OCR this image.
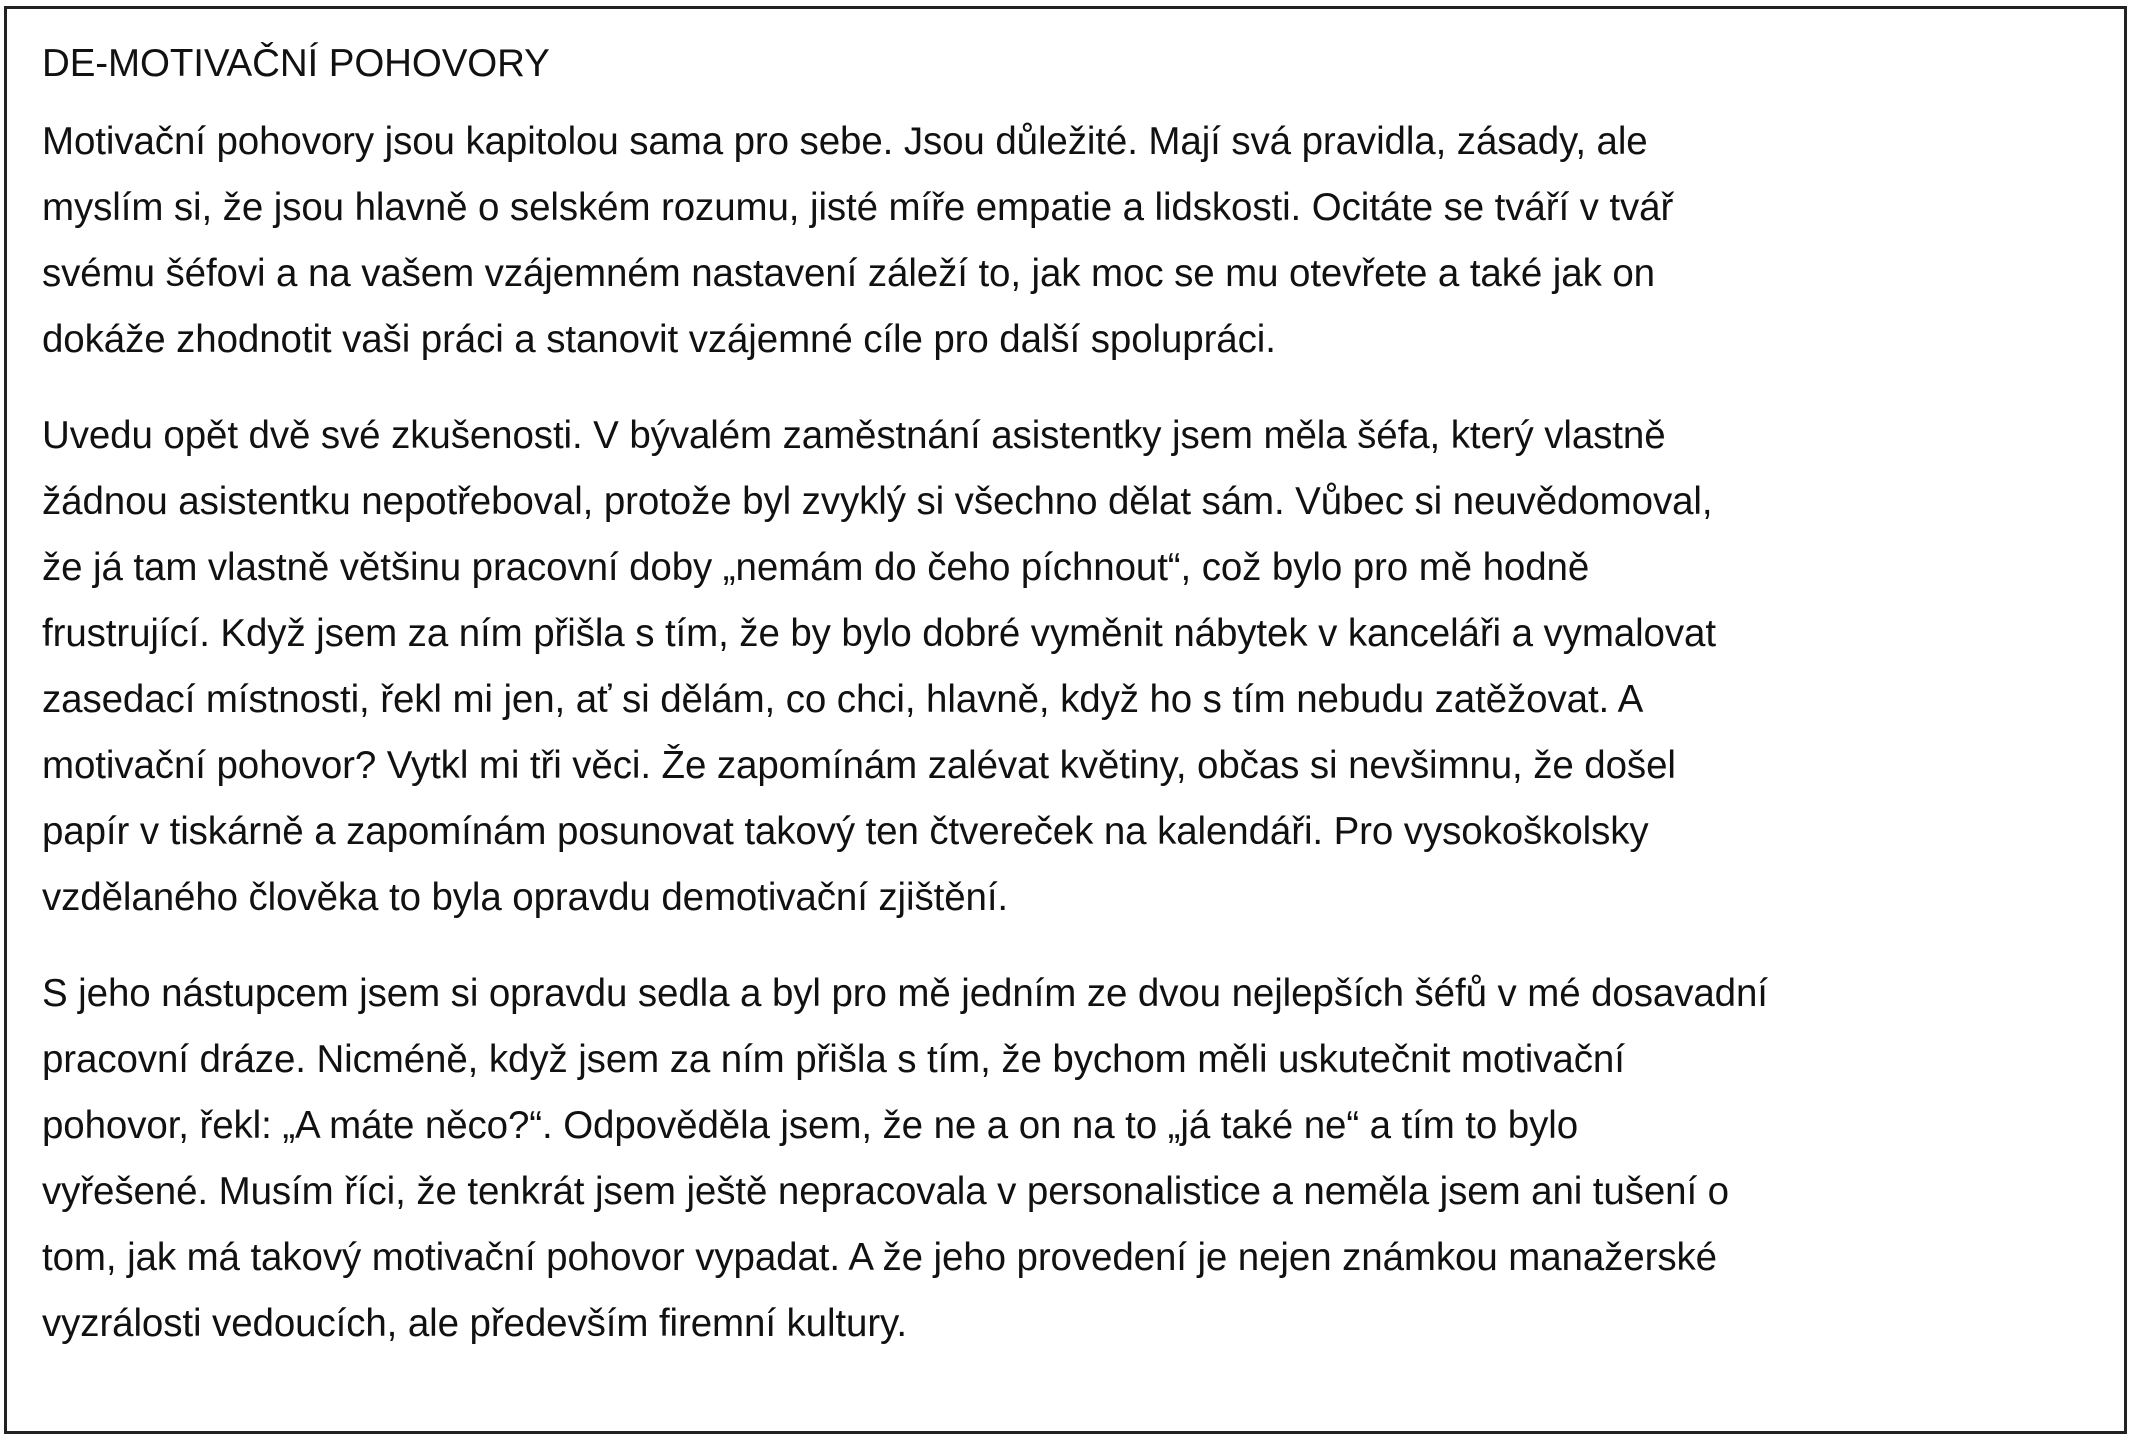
DE-MOTIVAČNÍ POHOVORY
Motivační pohovory jsou kapitolou sama pro sebe. Jsou důležité. Mají svá pravidla, zásady, ale
myslím si, že jsou hlavně o selském rozumu, jisté míře empatie a lidskosti. Ocitáte se tváří v tvář
svému šéfovi a na vašem vzájemném nastavení záleží to, jak moc se mu otevřete a také jak on
dokáže zhodnotit vaši práci a stanovit vzájemné cíle pro další spolupráci.
Uvedu opět dvě své zkušenosti. V bývalém zaměstnání asistentky jsem měla šéfa, který vlastně
žádnou asistentku nepotřeboval, protože byl zvyklý si všechno dělat sám. Vůbec si neuvědomoval,
že já tam vlastně většinu pracovní doby „nemám do čeho píchnout“, což bylo pro mě hodně
frustrující. Když jsem za ním přišla s tím, že by bylo dobré vyměnit nábytek v kanceláři a vymalovat
zasedací místnosti, řekl mi jen, ať si dělám, co chci, hlavně, když ho s tím nebudu zatěžovat. A
motivační pohovor? Vytkl mi tři věci. Že zapomínám zalévat květiny, občas si nevšimnu, že došel
papír v tiskárně a zapomínám posunovat takový ten čtvereček na kalendáři. Pro vysokoškolsky
vzdělaného člověka to byla opravdu demotivační zjištění.
S jeho nástupcem jsem si opravdu sedla a byl pro mě jedním ze dvou nejlepších šéfů v mé dosavadní
pracovní dráze. Nicméně, když jsem za ním přišla s tím, že bychom měli uskutečnit motivační
pohovor, řekl: „A máte něco?“. Odpověděla jsem, že ne a on na to „já také ne“ a tím to bylo
vyřešené. Musím říci, že tenkrát jsem ještě nepracovala v personalistice a neměla jsem ani tušení o
tom, jak má takový motivační pohovor vypadat. A že jeho provedení je nejen známkou manažerské
vyzrálosti vedoucích, ale především firemní kultury.
